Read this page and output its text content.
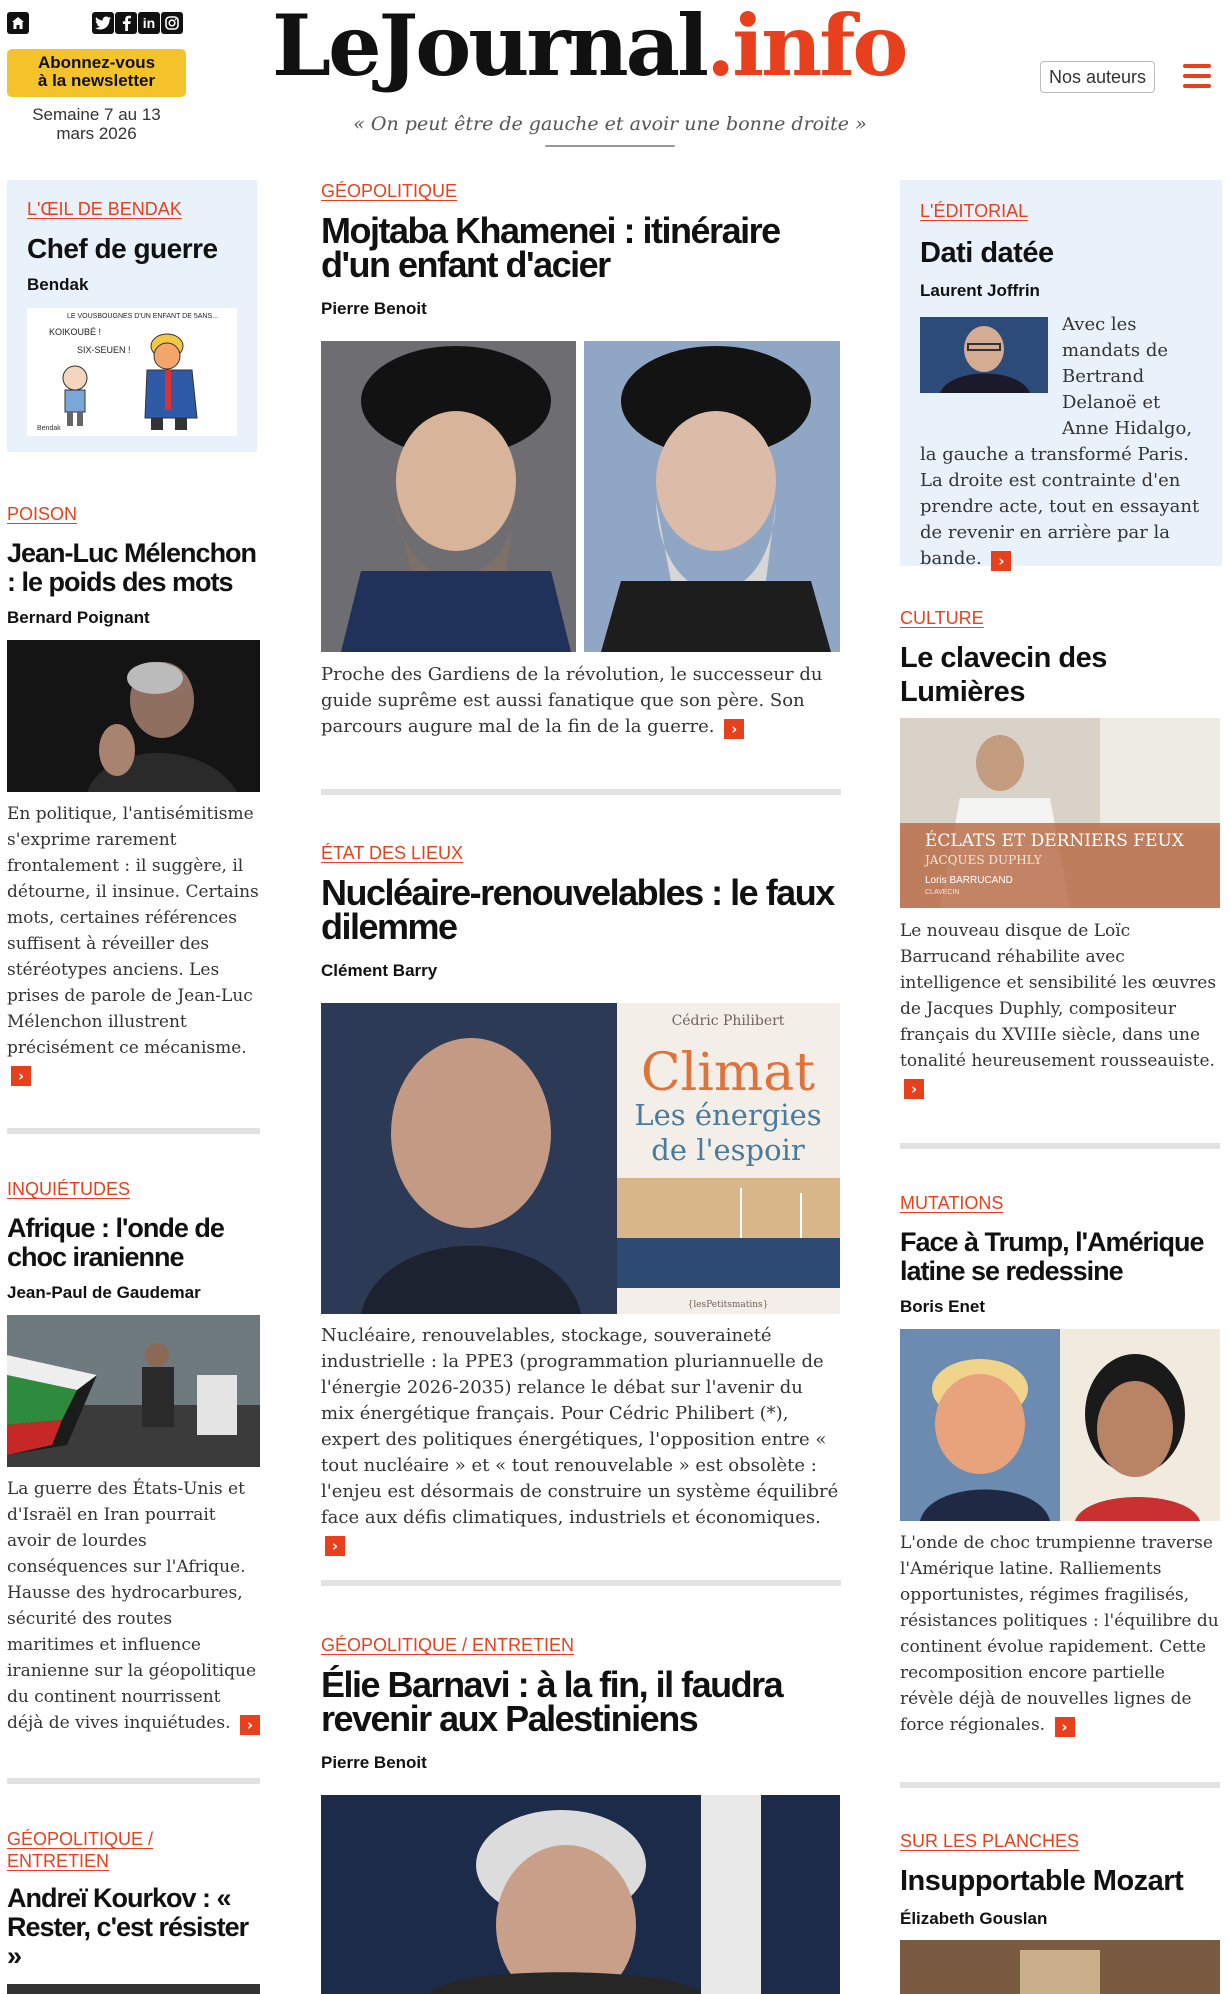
in
Abonnez-vous
à la newsletter
Semaine 7 au 13
mars 2026
LeJournal.info
« On peut être de gauche et avoir une bonne droite »
Nos auteurs
L'ŒIL DE BENDAK
Chef de guerre
Bendak
LE VOUSBOUGNES D'UN ENFANT DE 5ANS...
KOIKOUBÉ !
SIX-SEUEN !
Bendak
POISON
Jean-Luc Mélenchon : le poids des mots
Bernard Poignant
En politique, l'antisémitisme s'exprime rarement frontalement : il suggère, il détourne, il insinue. Certains mots, certaines références suffisent à réveiller des stéréotypes anciens. Les prises de parole de Jean-Luc Mélenchon illustrent précisément ce mécanisme. ›
INQUIÉTUDES
Afrique : l'onde de choc iranienne
Jean-Paul de Gaudemar
La guerre des États-Unis et d'Israël en Iran pourrait avoir de lourdes conséquences sur l'Afrique. Hausse des hydrocarbures, sécurité des routes maritimes et influence iranienne sur la géopolitique du continent nourrissent déjà de vives inquiétudes. ›
GÉOPOLITIQUE / ENTRETIEN
Andreï Kourkov : « Rester, c'est résister »
GÉOPOLITIQUE
Mojtaba Khamenei : itinéraire d'un enfant d'acier
Pierre Benoit
Proche des Gardiens de la révolution, le successeur du guide suprême est aussi fanatique que son père. Son parcours augure mal de la fin de la guerre. ›
ÉTAT DES LIEUX
Nucléaire-renouvelables : le faux dilemme
Clément Barry
Cédric Philibert
Climat
Les énergies
de l'espoir
{lesPetitsmatins}
Nucléaire, renouvelables, stockage, souveraineté industrielle : la PPE3 (programmation pluriannuelle de l'énergie 2026-2035) relance le débat sur l'avenir du mix énergétique français. Pour Cédric Philibert (*), expert des politiques énergétiques, l'opposition entre « tout nucléaire » et « tout renouvelable » est obsolète : l'enjeu est désormais de construire un système équilibré face aux défis climatiques, industriels et économiques. ›
GÉOPOLITIQUE / ENTRETIEN
Élie Barnavi : à la fin, il faudra revenir aux Palestiniens
Pierre Benoit
L'ÉDITORIAL
Dati datée
Laurent Joffrin
Avec les mandats de Bertrand Delanoë et Anne Hidalgo, la gauche a transformé Paris. La droite est contrainte d'en prendre acte, tout en essayant de revenir en arrière par la bande. ›
CULTURE
Le clavecin des Lumières
ÉCLATS ET DERNIERS FEUX
JACQUES DUPHLY
Loris BARRUCAND
CLAVECIN
Le nouveau disque de Loïc Barrucand réhabilite avec intelligence et sensibilité les œuvres de Jacques Duphly, compositeur français du XVIIIe siècle, dans une tonalité heureusement rousseauiste. ›
MUTATIONS
Face à Trump, l'Amérique latine se redessine
Boris Enet
L'onde de choc trumpienne traverse l'Amérique latine. Ralliements opportunistes, régimes fragilisés, résistances politiques : l'équilibre du continent évolue rapidement. Cette recomposition encore partielle révèle déjà de nouvelles lignes de force régionales. ›
SUR LES PLANCHES
Insupportable Mozart
Élizabeth Gouslan
